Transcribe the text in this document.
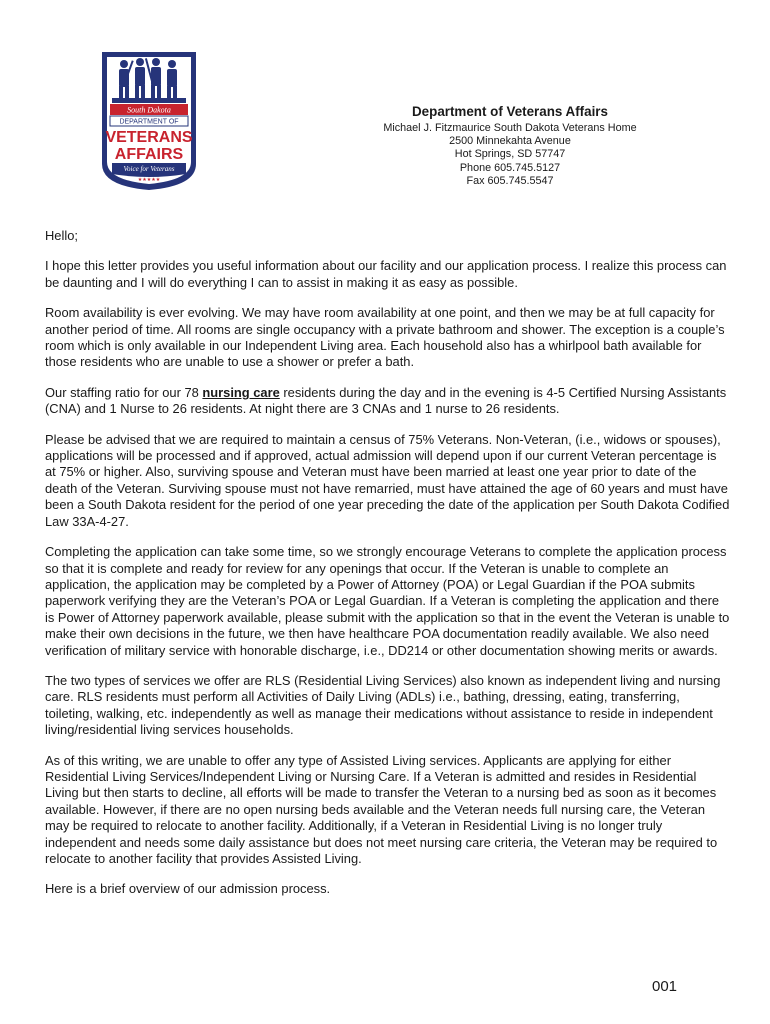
South Dakota
DEPARTMENT OF
VETERANS
AFFAIRS
Voice for Veterans
★★★★★
Department of Veterans Affairs
Michael J. Fitzmaurice South Dakota Veterans Home
2500 Minnekahta Avenue
Hot Springs, SD 57747
Phone 605.745.5127
Fax 605.745.5547

Hello;

I hope this letter provides you useful information about our facility and our application process. I realize this process can be daunting and I will do everything I can to assist in making it as easy as possible.

Room availability is ever evolving. We may have room availability at one point, and then we may be at full capacity for another period of time. All rooms are single occupancy with a private bathroom and shower. The exception is a couple’s room which is only available in our Independent Living area. Each household also has a whirlpool bath available for those residents who are unable to use a shower or prefer a bath.

Our staffing ratio for our 78 nursing care residents during the day and in the evening is 4-5 Certified Nursing Assistants (CNA) and 1 Nurse to 26 residents. At night there are 3 CNAs and 1 nurse to 26 residents.

Please be advised that we are required to maintain a census of 75% Veterans. Non-Veteran, (i.e., widows or spouses), applications will be processed and if approved, actual admission will depend upon if our current Veteran percentage is at 75% or higher. Also, surviving spouse and Veteran must have been married at least one year prior to date of the death of the Veteran. Surviving spouse must not have remarried, must have attained the age of 60 years and must have been a South Dakota resident for the period of one year preceding the date of the application per South Dakota Codified Law 33A-4-27.

Completing the application can take some time, so we strongly encourage Veterans to complete the application process so that it is complete and ready for review for any openings that occur. If the Veteran is unable to complete an application, the application may be completed by a Power of Attorney (POA) or Legal Guardian if the POA submits paperwork verifying they are the Veteran’s POA or Legal Guardian. If a Veteran is completing the application and there is Power of Attorney paperwork available, please submit with the application so that in the event the Veteran is unable to make their own decisions in the future, we then have healthcare POA documentation readily available. We also need verification of military service with honorable discharge, i.e., DD214 or other documentation showing merits or awards.

The two types of services we offer are RLS (Residential Living Services) also known as independent living and nursing care. RLS residents must perform all Activities of Daily Living (ADLs) i.e., bathing, dressing, eating, transferring, toileting, walking, etc. independently as well as manage their medications without assistance to reside in independent living/residential living services households.

As of this writing, we are unable to offer any type of Assisted Living services. Applicants are applying for either Residential Living Services/Independent Living or Nursing Care. If a Veteran is admitted and resides in Residential Living but then starts to decline, all efforts will be made to transfer the Veteran to a nursing bed as soon as it becomes available. However, if there are no open nursing beds available and the Veteran needs full nursing care, the Veteran may be required to relocate to another facility. Additionally, if a Veteran in Residential Living is no longer truly independent and needs some daily assistance but does not meet nursing care criteria, the Veteran may be required to relocate to another facility that provides Assisted Living.

Here is a brief overview of our admission process.

001
